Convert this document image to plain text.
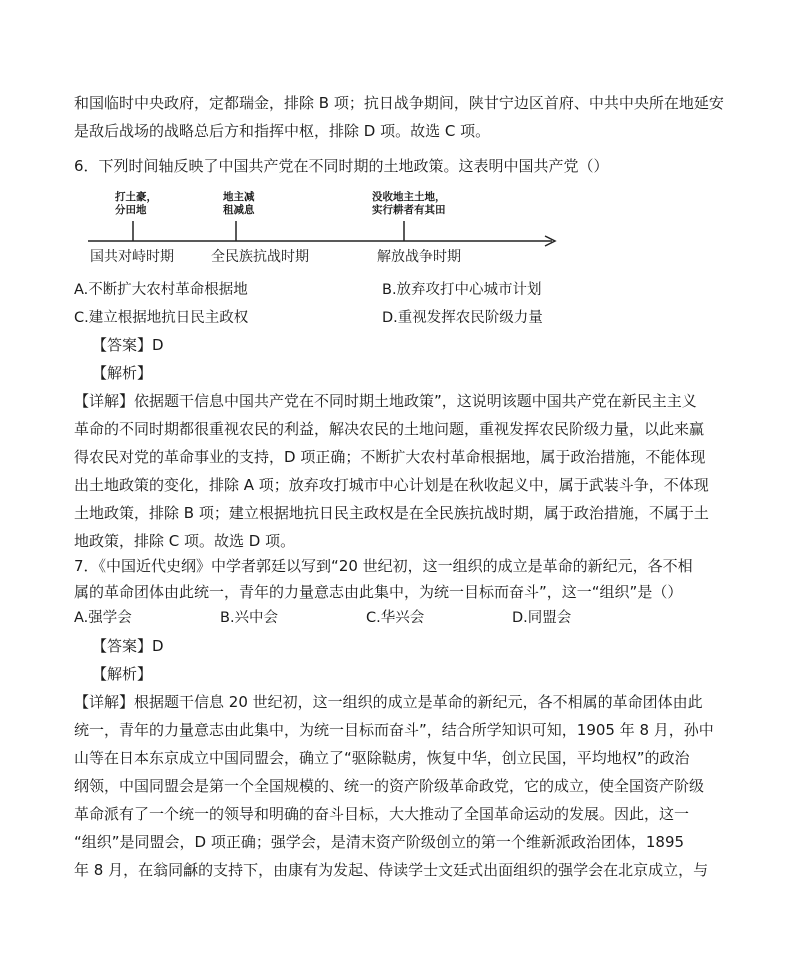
和国临时中央政府，定都瑞金，排除 B 项；抗日战争期间，陕甘宁边区首府、中共中央所在地延安
是敌后战场的战略总后方和指挥中枢，排除 D 项。故选 C 项。
6．下列时间轴反映了中国共产党在不同时期的土地政策。这表明中国共产党（）
打土豪，
分田地
地主减
租减息
没收地主土地，
实行耕者有其田
国共对峙时期	全民族抗战时期	解放战争时期
A.不断扩大农村革命根据地	B.放弃攻打中心城市计划
C.建立根据地抗日民主政权	D.重视发挥农民阶级力量
【答案】D
【解析】
【详解】依据题干信息中国共产党在不同时期土地政策”，这说明该题中国共产党在新民主主义
革命的不同时期都很重视农民的利益，解决农民的土地问题，重视发挥农民阶级力量，以此来赢
得农民对党的革命事业的支持，D 项正确；不断扩大农村革命根据地，属于政治措施，不能体现
出土地政策的变化，排除 A 项；放弃攻打城市中心计划是在秋收起义中，属于武装斗争，不体现
土地政策，排除 B 项；建立根据地抗日民主政权是在全民族抗战时期，属于政治措施，不属于土
地政策，排除 C 项。故选 D 项。
7．《中国近代史纲》中学者郭廷以写到“20 世纪初，这一组织的成立是革命的新纪元，各不相
属的革命团体由此统一，青年的力量意志由此集中，为统一目标而奋斗”，这一“组织”是（）
A.强学会	B.兴中会	C.华兴会	D.同盟会
【答案】D
【解析】
【详解】根据题干信息 20 世纪初，这一组织的成立是革命的新纪元，各不相属的革命团体由此
统一，青年的力量意志由此集中，为统一目标而奋斗”，结合所学知识可知，1905 年 8 月，孙中
山等在日本东京成立中国同盟会，确立了“驱除鞑虏，恢复中华，创立民国，平均地权”的政治
纲领，中国同盟会是第一个全国规模的、统一的资产阶级革命政党，它的成立，使全国资产阶级
革命派有了一个统一的领导和明确的奋斗目标，大大推动了全国革命运动的发展。因此，这一
“组织”是同盟会，D 项正确；强学会，是清末资产阶级创立的第一个维新派政治团体，1895
年 8 月，在翁同龢的支持下，由康有为发起、侍读学士文廷式出面组织的强学会在北京成立，与
